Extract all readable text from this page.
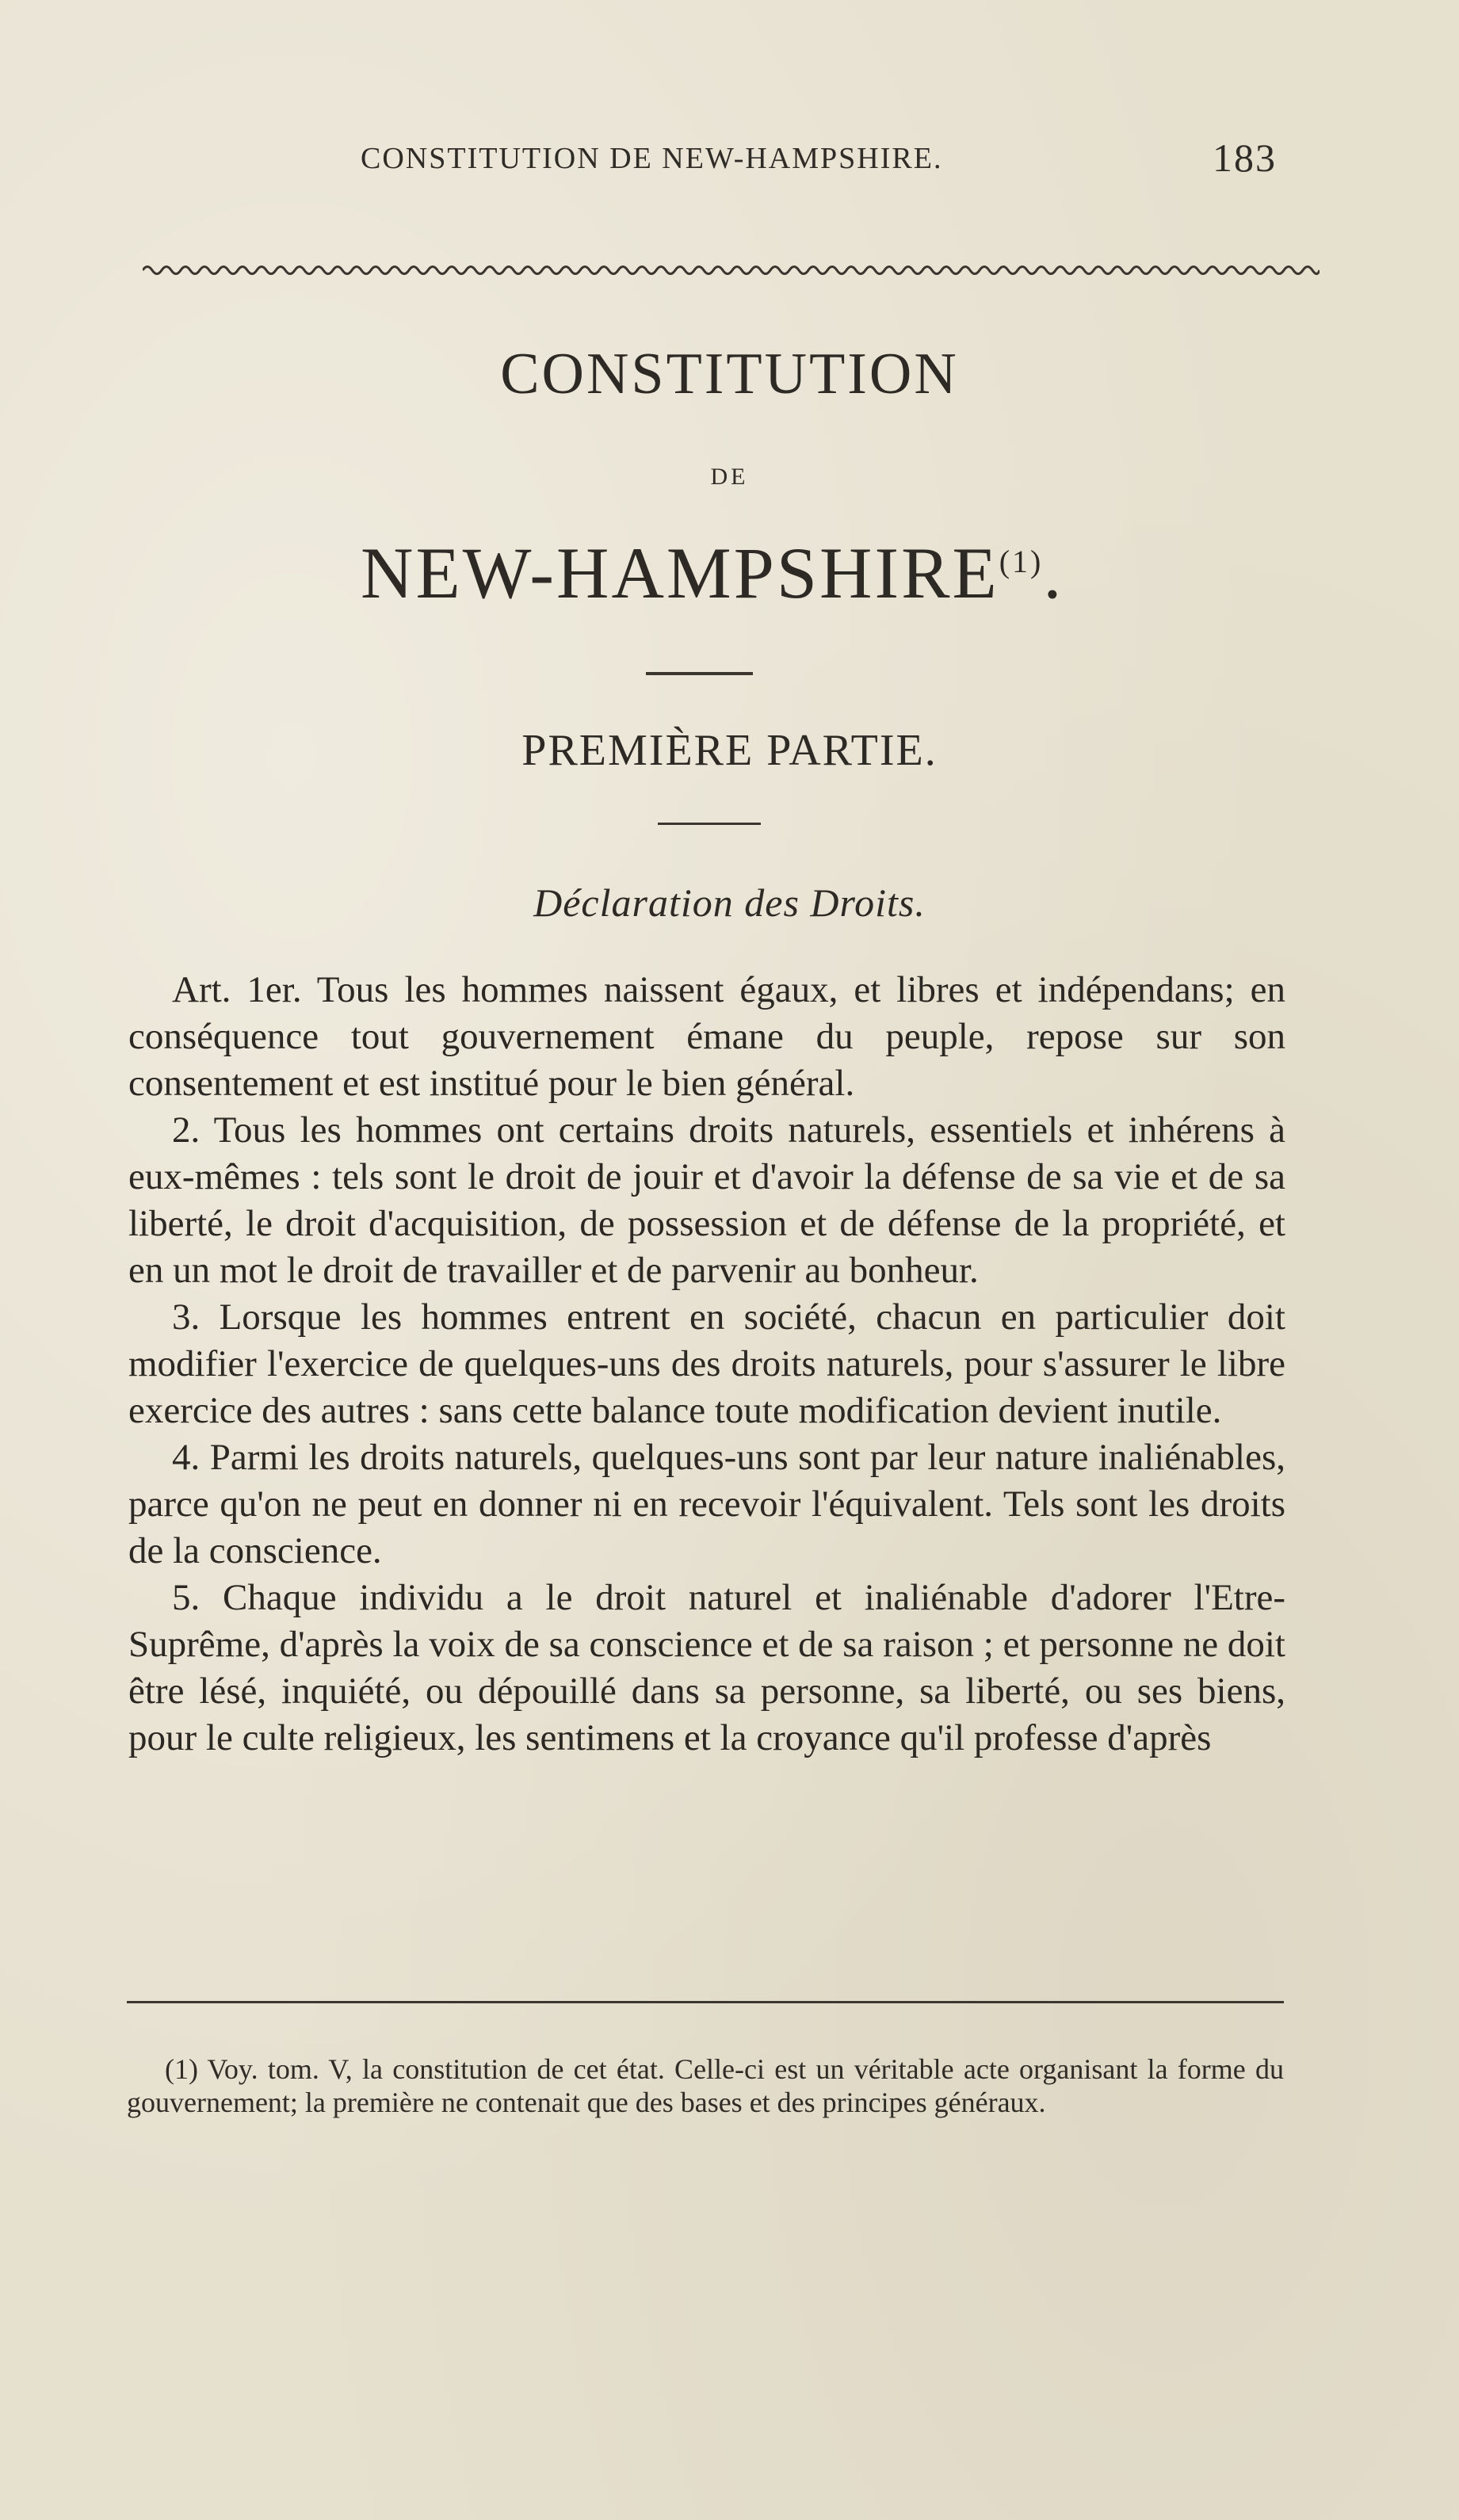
CONSTITUTION DE NEW-HAMPSHIRE.	183
CONSTITUTION
DE
NEW-HAMPSHIRE$^{(1)}$.
PREMIÈRE PARTIE.
Déclaration des Droits.

Art. 1er. Tous les hommes naissent égaux, et libres et indépendans; en conséquence tout gouvernement émane du peuple, repose sur son consentement et est institué pour le bien général.

2. Tous les hommes ont certains droits naturels, essentiels et inhérens à eux-mêmes : tels sont le droit de jouir et d'avoir la défense de sa vie et de sa liberté, le droit d'acquisition, de possession et de défense de la propriété, et en un mot le droit de travailler et de parvenir au bonheur.

3. Lorsque les hommes entrent en société, chacun en particulier doit modifier l'exercice de quelques-uns des droits naturels, pour s'assurer le libre exercice des autres : sans cette balance toute modification devient inutile.

4. Parmi les droits naturels, quelques-uns sont par leur nature inaliénables, parce qu'on ne peut en donner ni en recevoir l'équivalent. Tels sont les droits de la conscience.

5. Chaque individu a le droit naturel et inaliénable d'adorer l'Etre-Suprême, d'après la voix de sa conscience et de sa raison ; et personne ne doit être lésé, inquiété, ou dépouillé dans sa personne, sa liberté, ou ses biens, pour le culte religieux, les sentimens et la croyance qu'il professe d'après

(1) Voy. tom. V, la constitution de cet état. Celle-ci est un véritable acte organisant la forme du gouvernement; la première ne contenait que des bases et des principes généraux.
